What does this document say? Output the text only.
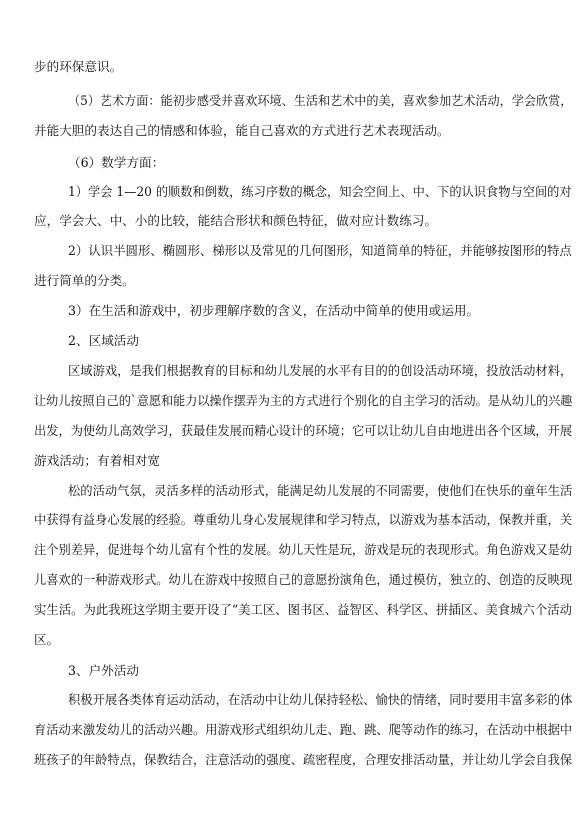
步的环保意识。
（5）艺术方面：能初步感受并喜欢环境、生活和艺术中的美，喜欢参加艺术活动，学会欣赏，
并能大胆的表达自己的情感和体验，能自己喜欢的方式进行艺术表现活动。
（6）数学方面：
1）学会 1—20 的顺数和倒数，练习序数的概念，知会空间上、中、下的认识食物与空间的对
应，学会大、中、小的比较，能结合形状和颜色特征，做对应计数练习。
2）认识半圆形、椭圆形、梯形以及常见的几何图形，知道简单的特征，并能够按图形的特点
进行简单的分类。
3）在生活和游戏中，初步理解序数的含义，在活动中简单的使用或运用。
2、区域活动
区域游戏，是我们根据教育的目标和幼儿发展的水平有目的的创设活动环境，投放活动材料，
让幼儿按照自己的`意愿和能力以操作摆弄为主的方式进行个别化的自主学习的活动。是从幼儿的兴趣
出发，为使幼儿高效学习，获最佳发展而精心设计的环境；它可以让幼儿自由地进出各个区域，开展
游戏活动；有着相对宽
松的活动气氛，灵活多样的活动形式，能满足幼儿发展的不同需要，使他们在快乐的童年生活
中获得有益身心发展的经验。尊重幼儿身心发展规律和学习特点，以游戏为基本活动，保教并重，关
注个别差异，促进每个幼儿富有个性的发展。幼儿天性是玩，游戏是玩的表现形式。角色游戏又是幼
儿喜欢的一种游戏形式。幼儿在游戏中按照自己的意愿扮演角色，通过模仿，独立的、创造的反映现
实生活。为此我班这学期主要开设了“美工区、图书区、益智区、科学区、拼插区、美食城六个活动
区。
3、户外活动
积极开展各类体育运动活动，在活动中让幼儿保持轻松、愉快的情绪，同时要用丰富多彩的体
育活动来激发幼儿的活动兴趣。用游戏形式组织幼儿走、跑、跳、爬等动作的练习，在活动中根据中
班孩子的年龄特点，保教结合，注意活动的强度、疏密程度，合理安排活动量，并让幼儿学会自我保
